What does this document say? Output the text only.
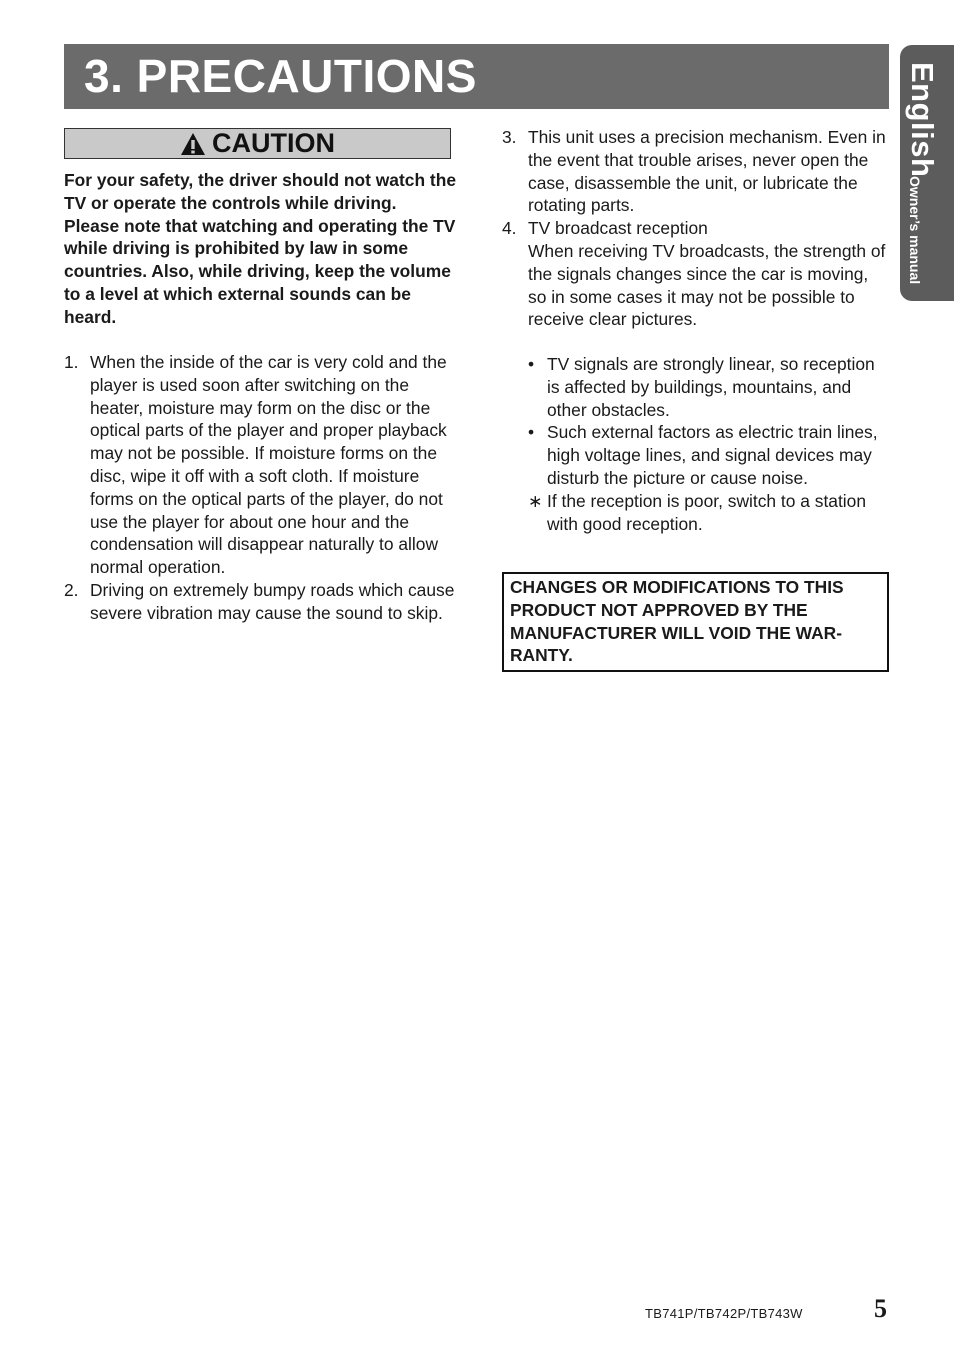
3. PRECAUTIONS	English
Owner’s manual
CAUTION
For your safety, the driver should not watch the TV or operate the controls while driving. Please note that watching and operating the TV while driving is prohibited by law in some countries. Also, while driving, keep the volume to a level at which external sounds can be heard.
1. When the inside of the car is very cold and the player is used soon after switching on the heater, moisture may form on the disc or the optical parts of the player and proper playback may not be possible. If moisture forms on the disc, wipe it off with a soft cloth. If moisture forms on the optical parts of the player, do not use the player for about one hour and the condensation will disappear naturally to allow normal operation.
2. Driving on extremely bumpy roads which cause severe vibration may cause the sound to skip.
3. This unit uses a precision mechanism. Even in the event that trouble arises, never open the case, disassemble the unit, or lubricate the rotating parts.
4. TV broadcast reception
When receiving TV broadcasts, the strength of the signals changes since the car is moving, so in some cases it may not be possible to receive clear pictures.
• TV signals are strongly linear, so reception is affected by buildings, mountains, and other obstacles.
• Such external factors as electric train lines, high voltage lines, and signal devices may disturb the picture or cause noise.
∗ If the reception is poor, switch to a station with good reception.
CHANGES OR MODIFICATIONS TO THIS PRODUCT NOT APPROVED BY THE MANUFACTURER WILL VOID THE WAR-RANTY.
TB741P/TB742P/TB743W	5
